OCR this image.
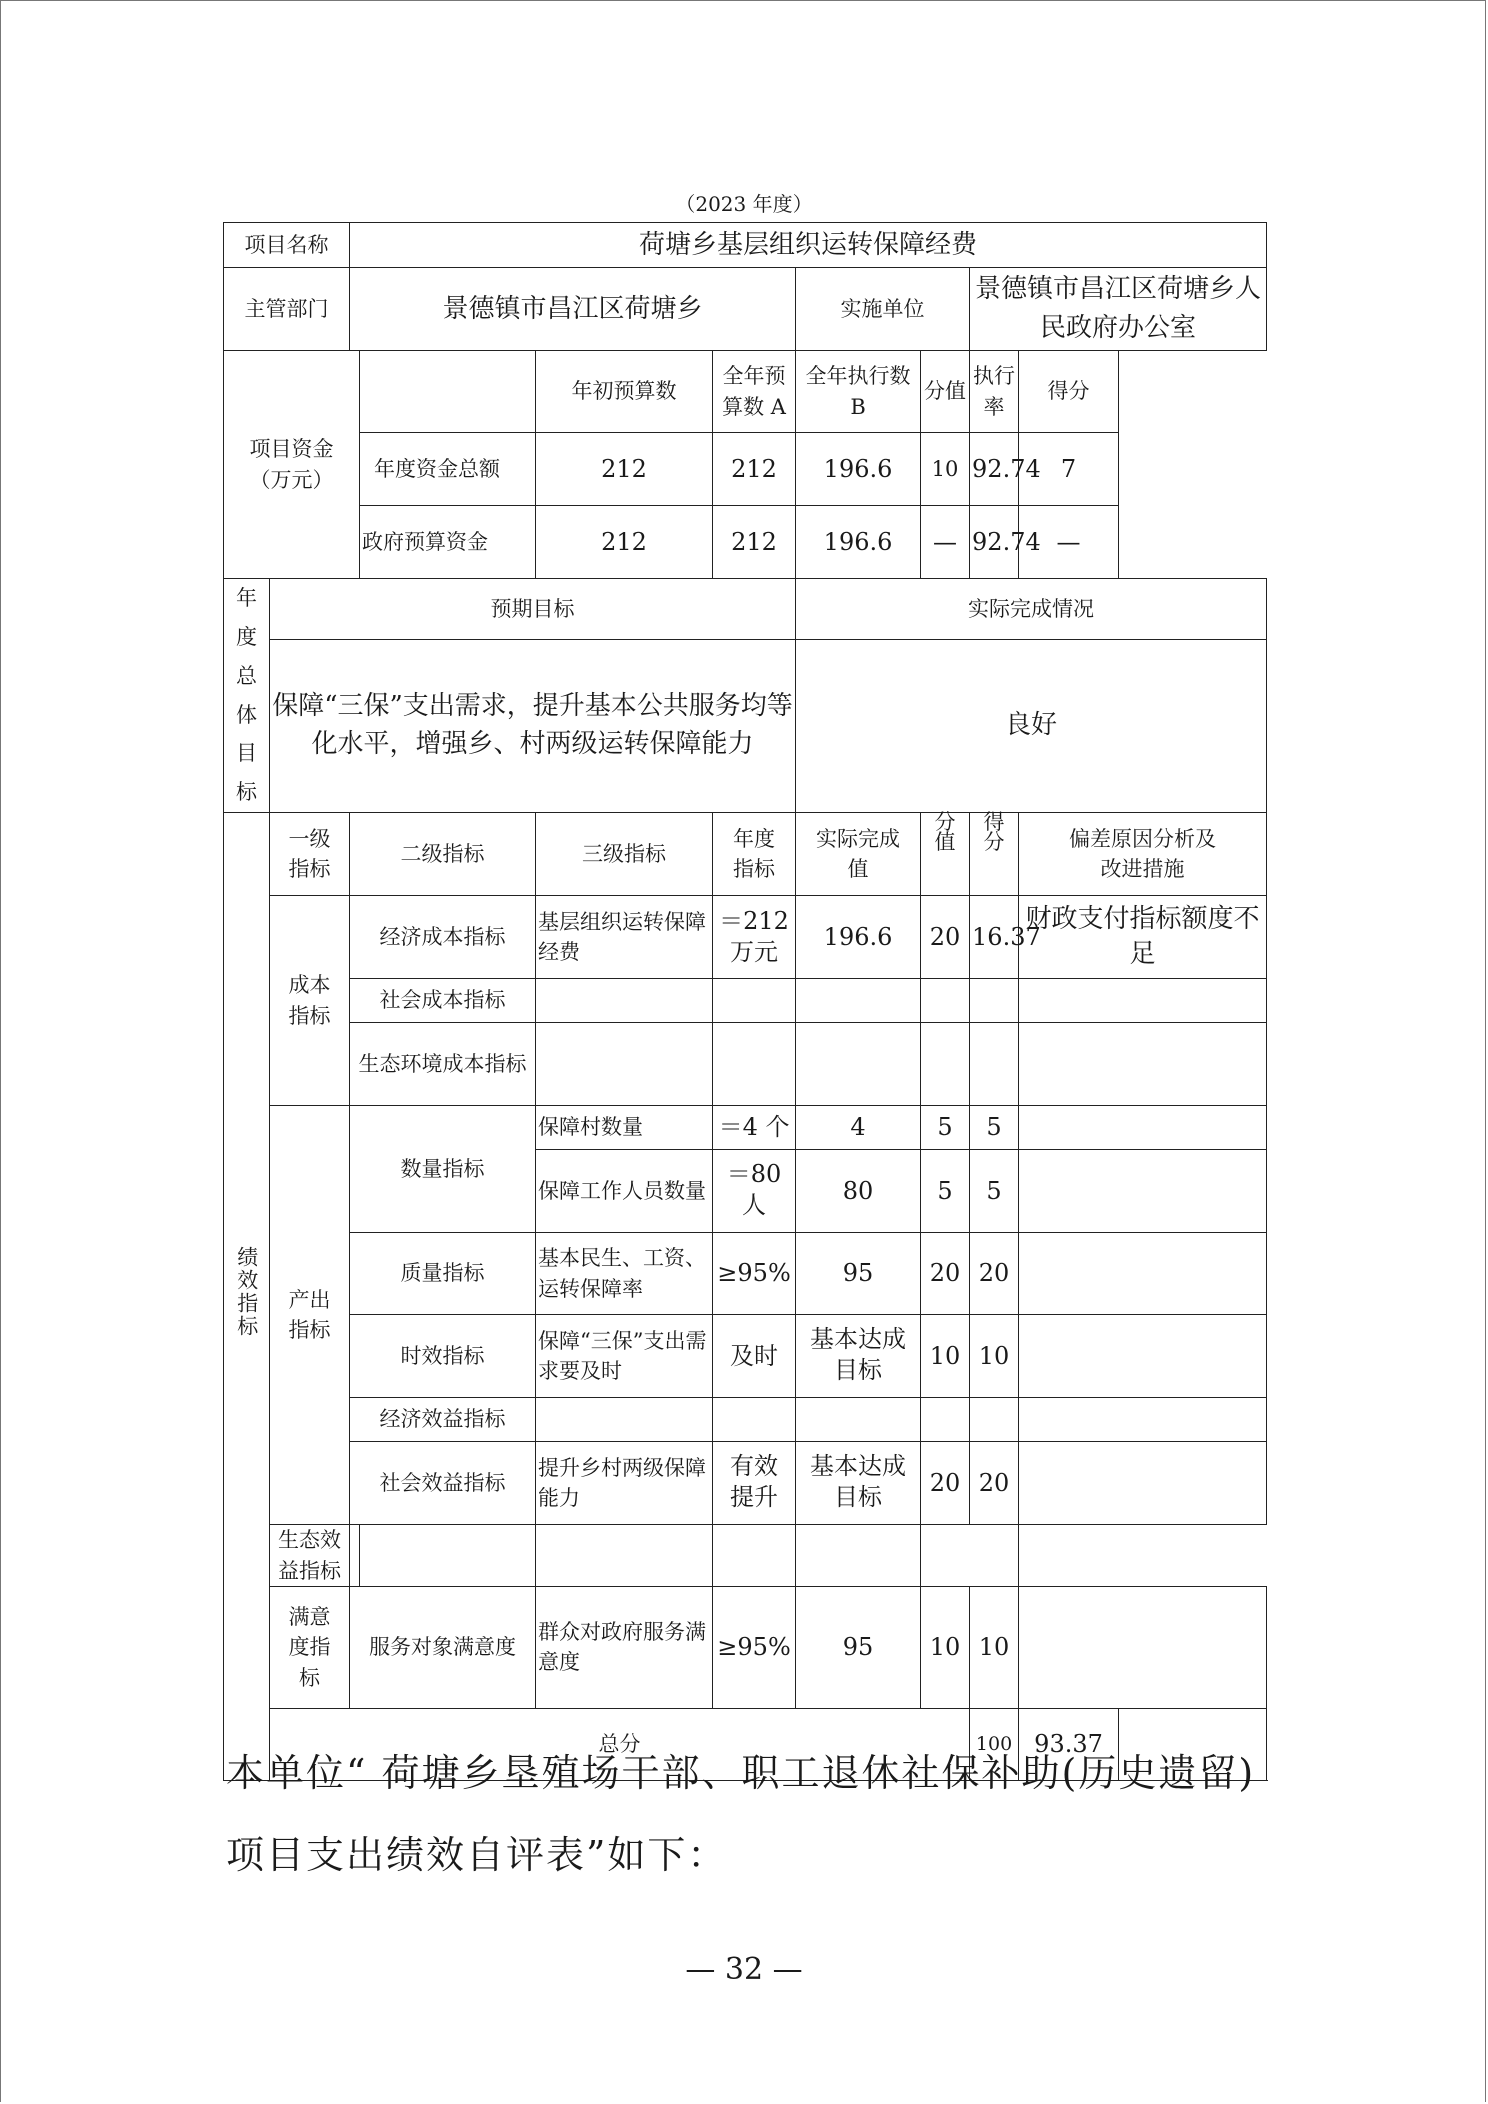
（2023 年度）
项目名称		荷塘乡基层组织运转保障经费								
主管部门		景德镇市昌江区荷塘乡				实施单位		景德镇市昌江区荷塘乡人民政府办公室		
项目资金（万元）				年初预算数	全年预算数 A	全年执行数 B	分值	执行率	得分	
			年度资金总额	212	212	196.6	10	92.74	7	
			政府预算资金	212	212	196.6	—	92.74	—	
年度总体目标	预期目标					实际完成情况				
	保障“三保”支出需求，提升基本公共服务均等化水平，增强乡、村两级运转保障能力					良好				
绩效指标	一级指标	二级指标		三级指标	年度指标	实际完成值	分值	得分	偏差原因分析及改进措施	
	成本指标	经济成本指标		基层组织运转保障经费	＝212万元	196.6	20	16.37	财政支付指标额度不足	
		社会成本指标								
		生态环境成本指标								
	产出指标	数量指标		保障村数量	＝4 个	4	5	5		
				保障工作人员数量	＝80人	80	5	5		
		质量指标		基本民生、工资、运转保障率	≥95%	95	20	20		
		时效指标		保障“三保”支出需求要及时	及时	基本达成目标	10	10		
		经济效益指标								
		社会效益指标		提升乡村两级保障能力	有效提升	基本达成目标	20	20		
	生态效益指标									
	满意度指标	服务对象满意度		群众对政府服务满意度	≥95%	95	10	10		
	总分							100	93.37	
本单位“ 荷塘乡垦殖场干部、职工退休社保补助(历史遗留)
项目支出绩效自评表”如下：
— 32 —
